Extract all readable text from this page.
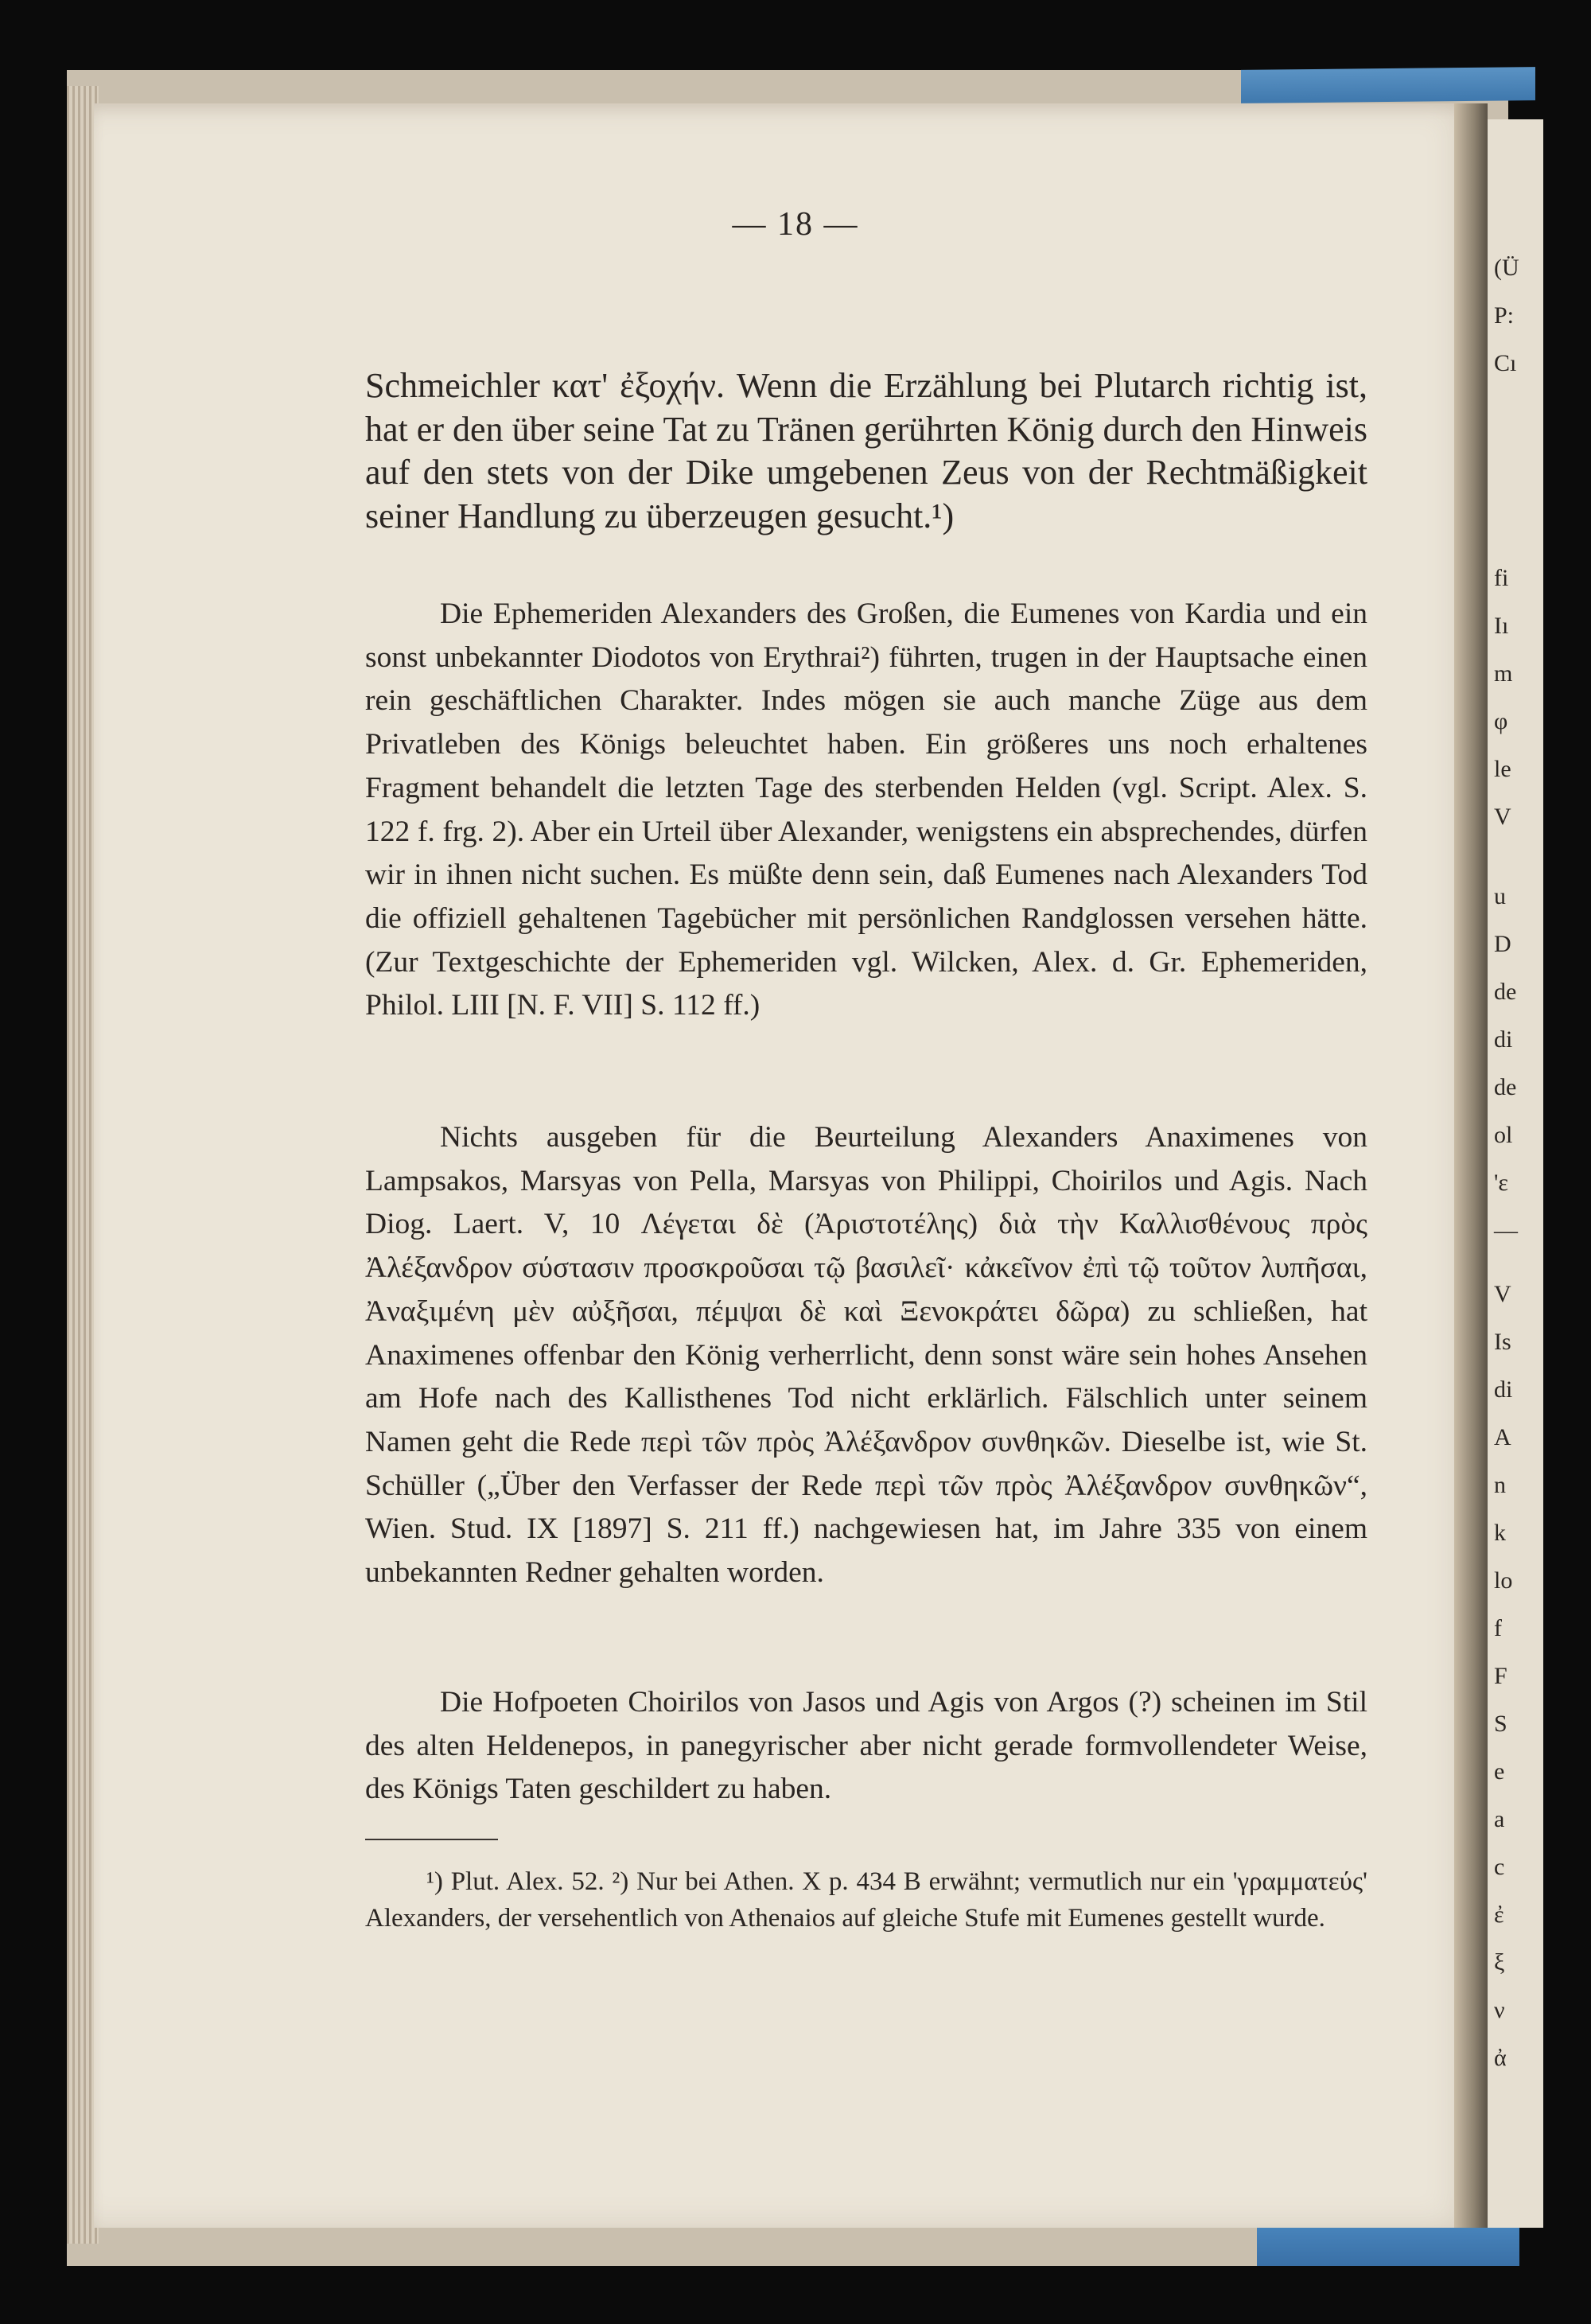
(Ü
P:
Cı
fi
Iı
m
φ
le
V
u
D
de
di
de
ol
'ε
—
V
Is
di
A
n
k
lo
f
F
S
e
a
c
ἐ
ξ
ν
ἀ
— 18 —

Schmeichler κατ' ἐξοχήν. Wenn die Erzählung bei Plutarch richtig ist, hat er den über seine Tat zu Tränen gerührten König durch den Hinweis auf den stets von der Dike umgebenen Zeus von der Rechtmäßigkeit seiner Handlung zu überzeugen gesucht.¹)

Die Ephemeriden Alexanders des Großen, die Eumenes von Kardia und ein sonst unbekannter Diodotos von Erythrai²) führten, trugen in der Hauptsache einen rein geschäftlichen Charakter. Indes mögen sie auch manche Züge aus dem Privatleben des Königs beleuchtet haben. Ein größeres uns noch erhaltenes Fragment behandelt die letzten Tage des sterbenden Helden (vgl. Script. Alex. S. 122 f. frg. 2). Aber ein Urteil über Alexander, wenigstens ein absprechendes, dürfen wir in ihnen nicht suchen. Es müßte denn sein, daß Eumenes nach Alexanders Tod die offiziell gehaltenen Tagebücher mit persönlichen Randglossen versehen hätte. (Zur Textgeschichte der Ephemeriden vgl. Wilcken, Alex. d. Gr. Ephemeriden, Philol. LIII [N. F. VII] S. 112 ff.)

Nichts ausgeben für die Beurteilung Alexanders Anaximenes von Lampsakos, Marsyas von Pella, Marsyas von Philippi, Choirilos und Agis. Nach Diog. Laert. V, 10 Λέγεται δὲ (Ἀριστοτέλης) διὰ τὴν Καλλισθένους πρὸς Ἀλέξανδρον σύστασιν προσκροῦσαι τῷ βασιλεῖ· κἀκεῖνον ἐπὶ τῷ τοῦτον λυπῆσαι, Ἀναξιμένη μὲν αὐξῆσαι, πέμψαι δὲ καὶ Ξενοκράτει δῶρα) zu schließen, hat Anaximenes offenbar den König verherrlicht, denn sonst wäre sein hohes Ansehen am Hofe nach des Kallisthenes Tod nicht erklärlich. Fälschlich unter seinem Namen geht die Rede περὶ τῶν πρὸς Ἀλέξανδρον συνθηκῶν. Dieselbe ist, wie St. Schüller („Über den Verfasser der Rede περὶ τῶν πρὸς Ἀλέξανδρον συνθηκῶν“, Wien. Stud. IX [1897] S. 211 ff.) nachgewiesen hat, im Jahre 335 von einem unbekannten Redner gehalten worden.

Die Hofpoeten Choirilos von Jasos und Agis von Argos (?) scheinen im Stil des alten Heldenepos, in panegyrischer aber nicht gerade formvollendeter Weise, des Königs Taten geschildert zu haben.

¹) Plut. Alex. 52. ²) Nur bei Athen. X p. 434 B erwähnt; vermutlich nur ein 'γραμματεύς' Alexanders, der versehentlich von Athenaios auf gleiche Stufe mit Eumenes gestellt wurde.
